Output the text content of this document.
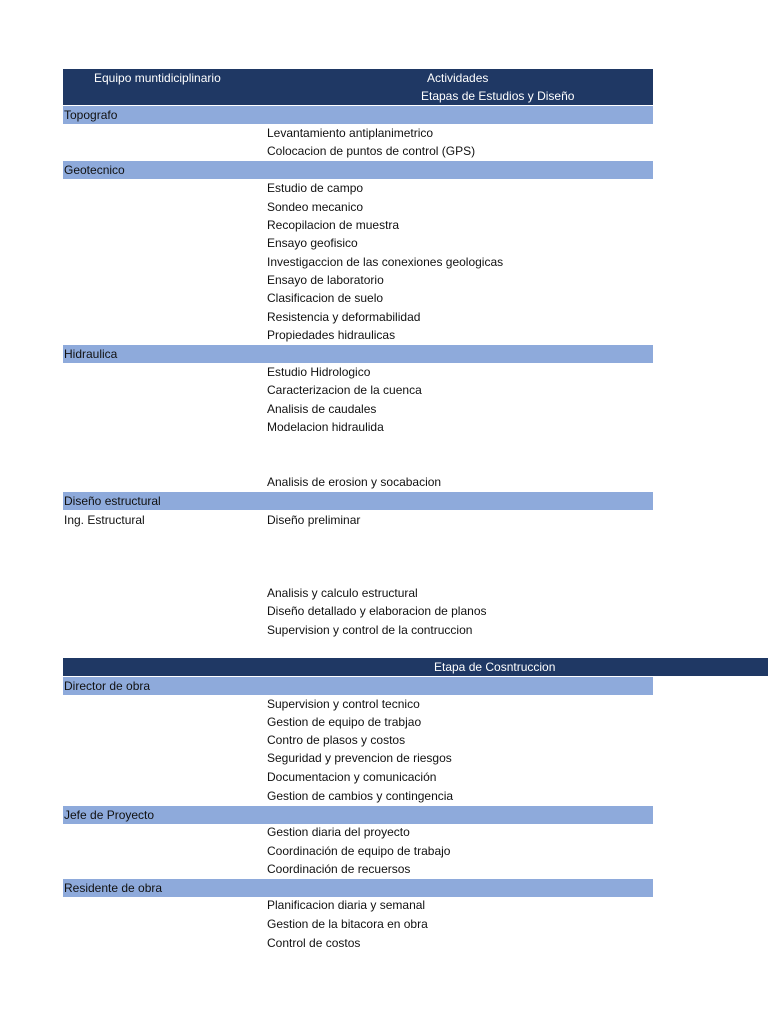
Equipo muntidiciplinario	Actividades
Etapas de Estudios y Diseño
Topografo
Levantamiento antiplanimetrico
Colocacion de puntos de control (GPS)
Geotecnico
Estudio de campo
Sondeo mecanico
Recopilacion de muestra
Ensayo geofisico
Investigaccion de las conexiones geologicas
Ensayo de laboratorio
Clasificacion de suelo
Resistencia y deformabilidad
Propiedades hidraulicas
Hidraulica
Estudio Hidrologico
Caracterizacion de la cuenca
Analisis de caudales
Modelacion hidraulida
Analisis de erosion y socabacion
Diseño estructural
Ing. Estructural	Diseño preliminar
Analisis y calculo estructural
Diseño detallado y elaboracion de planos
Supervision y control de la contruccion
Etapa de Cosntruccion
Director de obra
Supervision y control tecnico
Gestion de equipo de trabjao
Contro de plasos y costos
Seguridad y prevencion de riesgos
Documentacion y comunicación
Gestion de cambios y contingencia
Jefe de Proyecto
Gestion diaria del proyecto
Coordinación de equipo de trabajo
Coordinación de recuersos
Residente de obra
Planificacion diaria y semanal
Gestion de la bitacora en obra
Control de costos
